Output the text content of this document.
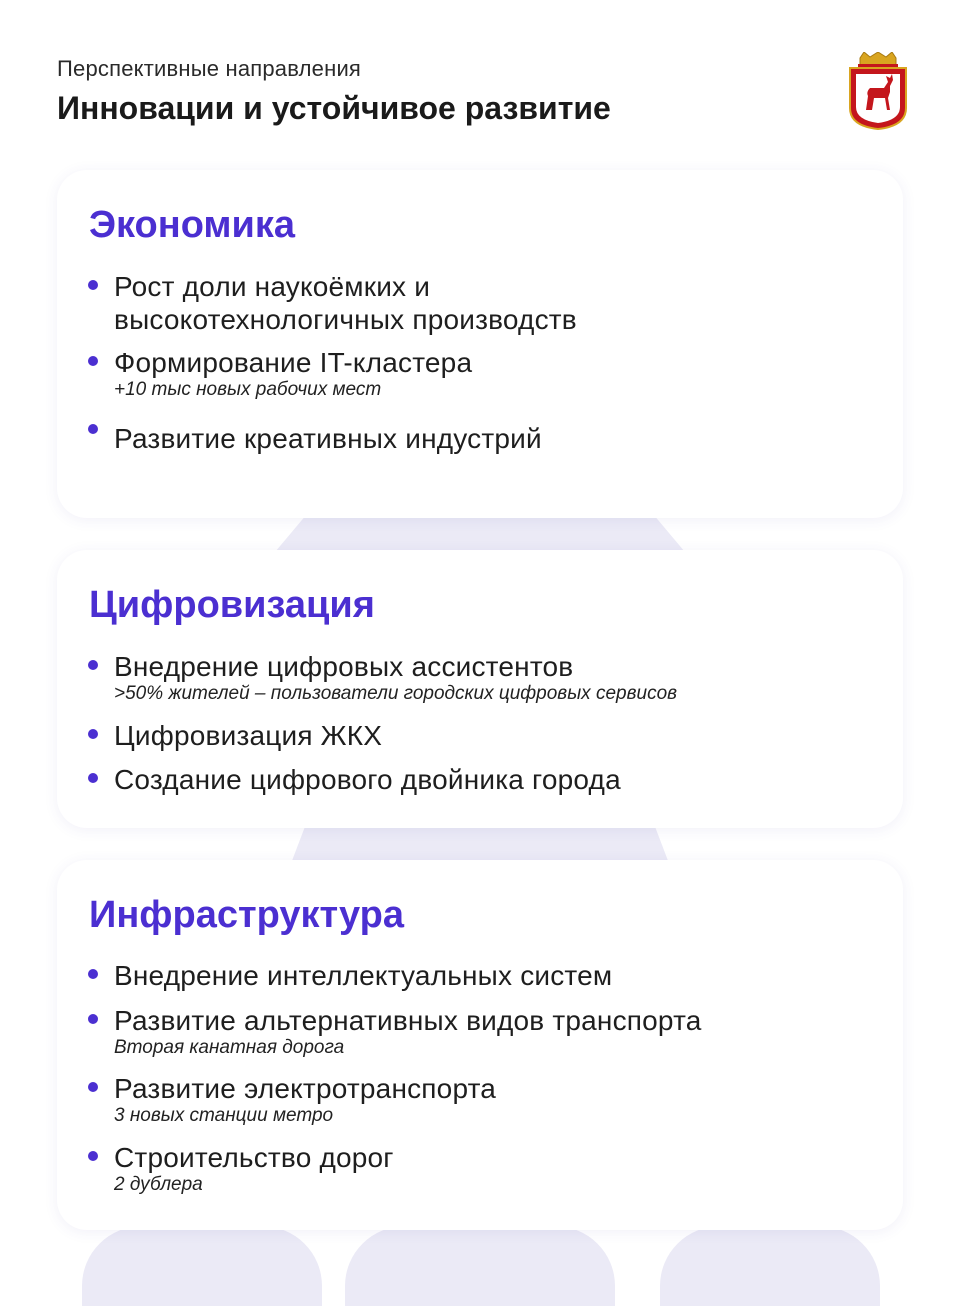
Перспективные направления
Инновации и устойчивое развитие
Экономика
Рост доли наукоёмких и
высокотехнологичных производств
Формирование IT-кластера
+10 тыс новых рабочих мест
Развитие креативных индустрий
Цифровизация
Внедрение цифровых ассистентов
>50% жителей – пользователи городских цифровых сервисов
Цифровизация ЖКХ
Создание цифрового двойника города
Инфраструктура
Внедрение интеллектуальных систем
Развитие альтернативных видов транспорта
Вторая канатная дорога
Развитие электротранспорта
3 новых станции метро
Строительство дорог
2 дублера
